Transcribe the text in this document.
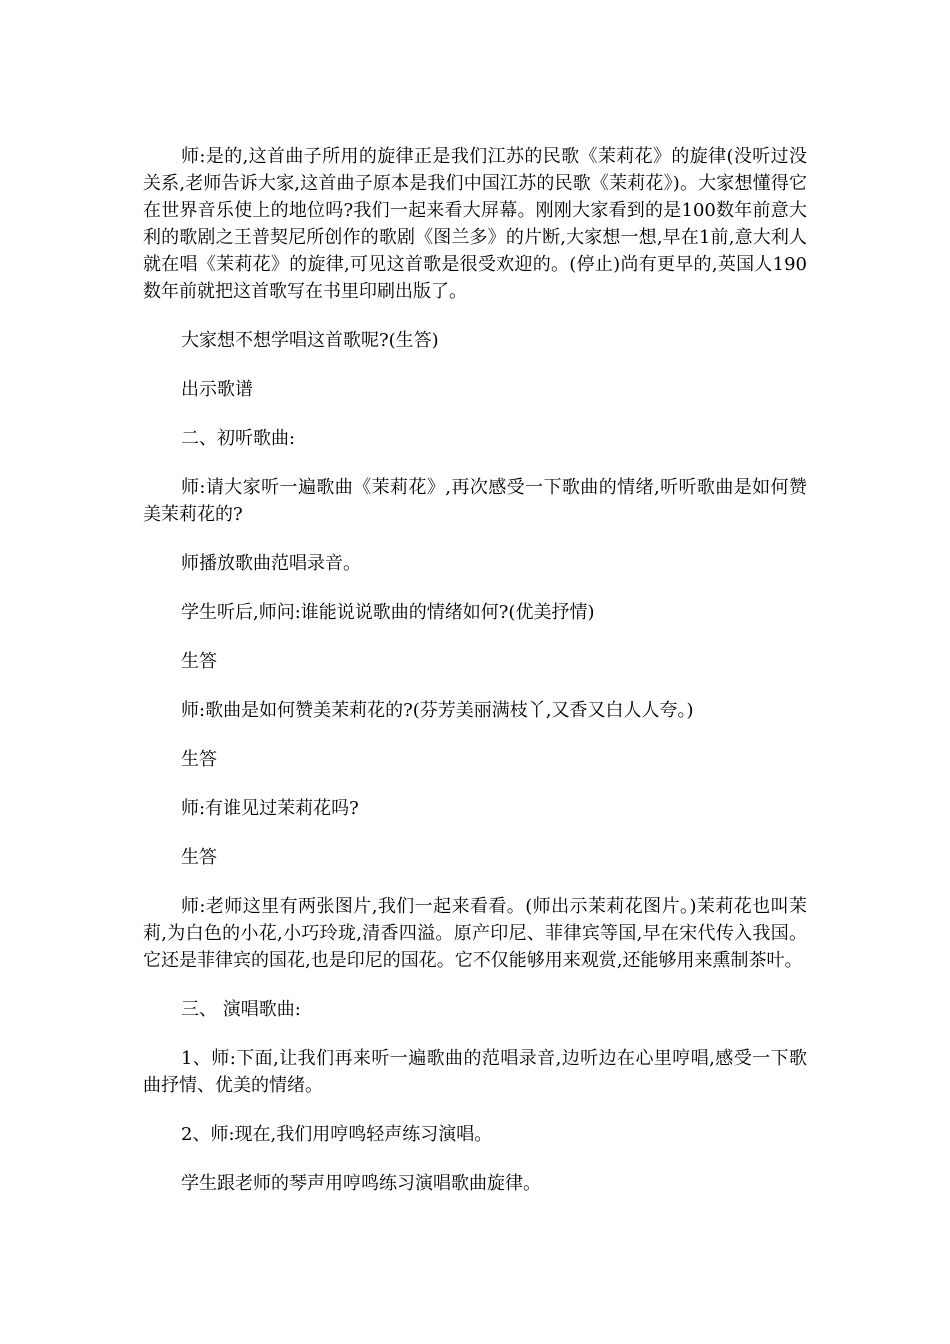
师:是的,这首曲子所用的旋律正是我们江苏的民歌《茉莉花》的旋律(没听过没关系,老师告诉大家,这首曲子原本是我们中国江苏的民歌《茉莉花》)。大家想懂得它在世界音乐使上的地位吗?我们一起来看大屏幕。刚刚大家看到的是100数年前意大利的歌剧之王普契尼所创作的歌剧《图兰多》的片断,大家想一想,早在1前,意大利人就在唱《茉莉花》的旋律,可见这首歌是很受欢迎的。(停止)尚有更早的,英国人190数年前就把这首歌写在书里印刷出版了。

大家想不想学唱这首歌呢?(生答)

出示歌谱

二、初听歌曲:

师:请大家听一遍歌曲《茉莉花》,再次感受一下歌曲的情绪,听听歌曲是如何赞美茉莉花的?

师播放歌曲范唱录音。

学生听后,师问:谁能说说歌曲的情绪如何?(优美抒情)

生答

师:歌曲是如何赞美茉莉花的?(芬芳美丽满枝丫,又香又白人人夸。)

生答

师:有谁见过茉莉花吗?

生答

师:老师这里有两张图片,我们一起来看看。(师出示茉莉花图片。)茉莉花也叫茉莉,为白色的小花,小巧玲珑,清香四溢。原产印尼、菲律宾等国,早在宋代传入我国。它还是菲律宾的国花,也是印尼的国花。它不仅能够用来观赏,还能够用来熏制茶叶。

三、 演唱歌曲:

1、师:下面,让我们再来听一遍歌曲的范唱录音,边听边在心里哼唱,感受一下歌曲抒情、优美的情绪。

2、师:现在,我们用哼鸣轻声练习演唱。

学生跟老师的琴声用哼鸣练习演唱歌曲旋律。
